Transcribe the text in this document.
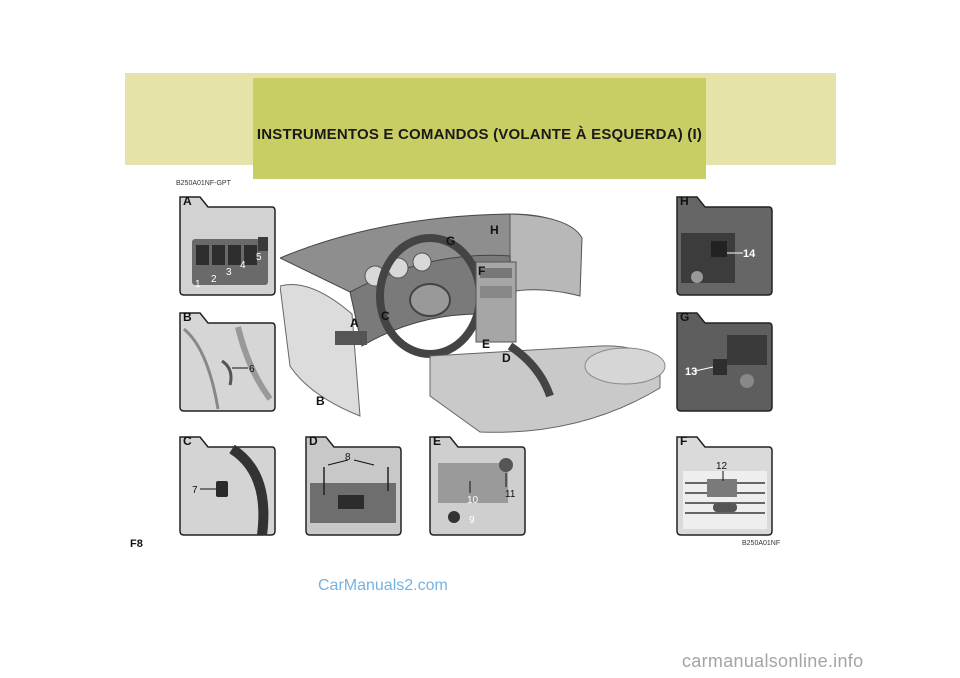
INSTRUMENTOS E COMANDOS (VOLANTE À ESQUERDA) (I)
B250A01NF-GPT
B250A01NF
F8
A
1 2
3
4
5
B
6
C
7
D
8
E
9
10
11
F
12
G
13
H
14
G
H
F
A C
E
D
B
CarManuals2.com
carmanualsonline.info
